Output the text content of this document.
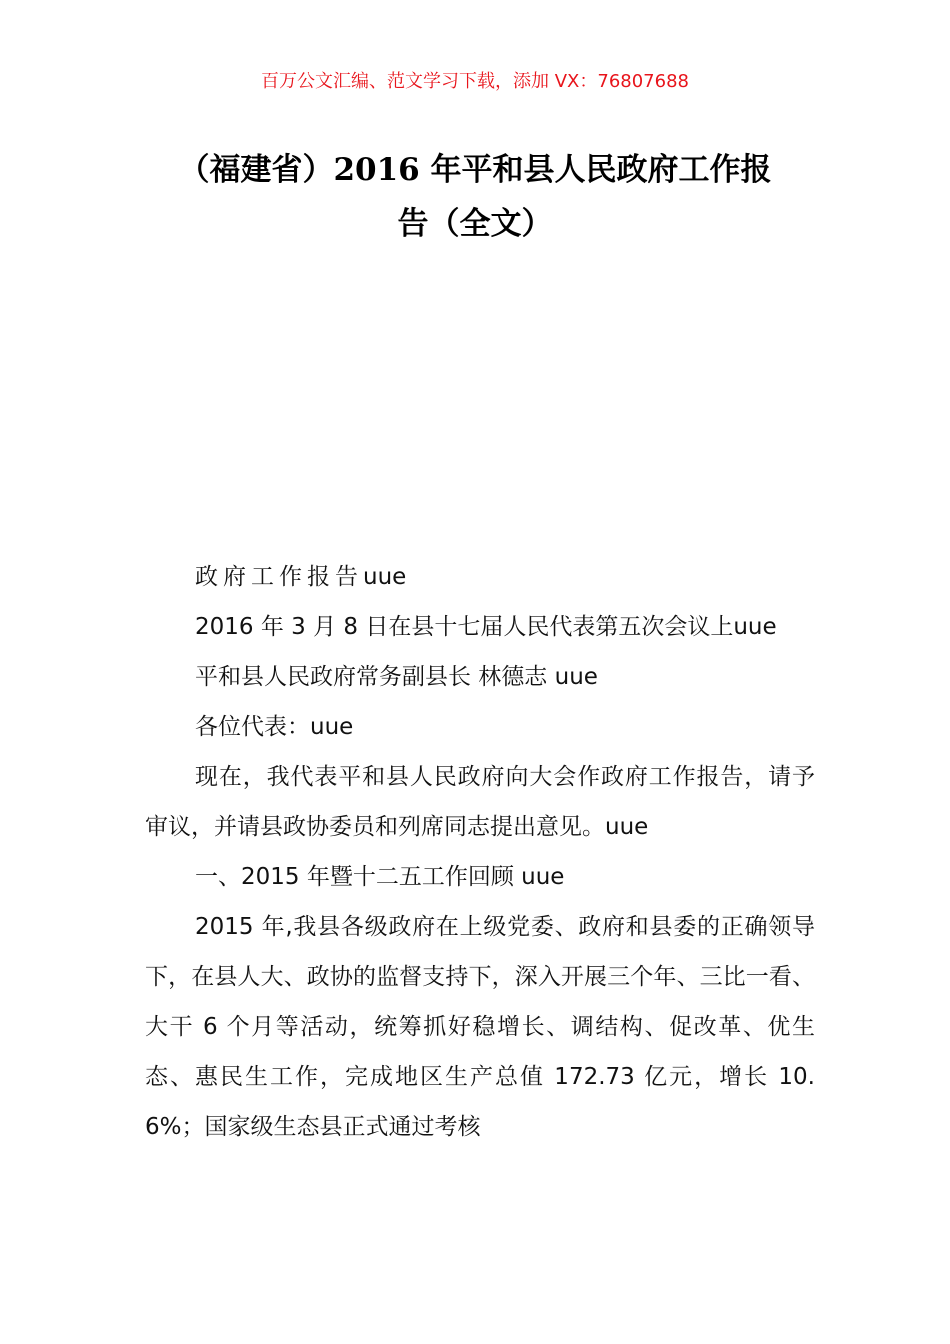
百万公文汇编、范文学习下载，添加 VX：76807688
（福建省）2016 年平和县人民政府工作报
告（全文）

政府工作报告uue

2016 年 3 月 8 日在县十七届人民代表第五次会议上uue

平和县人民政府常务副县长 林德志 uue

各位代表：uue

现在，我代表平和县人民政府向大会作政府工作报告，请予审议，并请县政协委员和列席同志提出意见。uue

一、2015 年暨十二五工作回顾 uue

2015 年,我县各级政府在上级党委、政府和县委的正确领导下，在县人大、政协的监督支持下，深入开展三个年、三比一看、大干 6 个月等活动，统筹抓好稳增长、调结构、促改革、优生态、惠民生工作，完成地区生产总值 172.73 亿元，增长 10.6%；国家级生态县正式通过考核
